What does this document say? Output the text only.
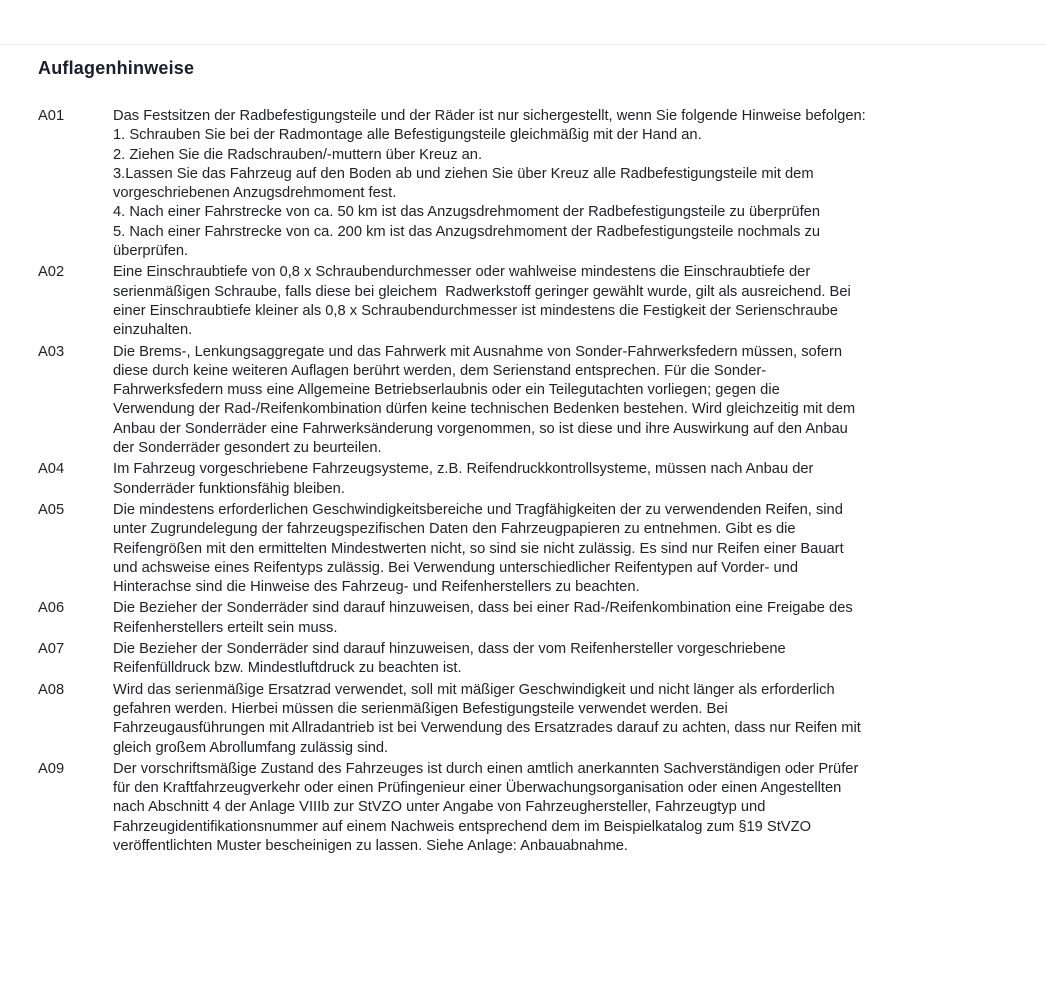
Auflagenhinweise
A01	Das Festsitzen der Radbefestigungsteile und der Räder ist nur sichergestellt, wenn Sie folgende Hinweise befolgen:
1. Schrauben Sie bei der Radmontage alle Befestigungsteile gleichmäßig mit der Hand an.
2. Ziehen Sie die Radschrauben/-muttern über Kreuz an.
3.Lassen Sie das Fahrzeug auf den Boden ab und ziehen Sie über Kreuz alle Radbefestigungsteile mit dem
vorgeschriebenen Anzugsdrehmoment fest.
4. Nach einer Fahrstrecke von ca. 50 km ist das Anzugsdrehmoment der Radbefestigungsteile zu überprüfen
5. Nach einer Fahrstrecke von ca. 200 km ist das Anzugsdrehmoment der Radbefestigungsteile nochmals zu
überprüfen.
A02	Eine Einschraubtiefe von 0,8 x Schraubendurchmesser oder wahlweise mindestens die Einschraubtiefe der
serienmäßigen Schraube, falls diese bei gleichem  Radwerkstoff geringer gewählt wurde, gilt als ausreichend. Bei
einer Einschraubtiefe kleiner als 0,8 x Schraubendurchmesser ist mindestens die Festigkeit der Serienschraube
einzuhalten.
A03	Die Brems-, Lenkungsaggregate und das Fahrwerk mit Ausnahme von Sonder-Fahrwerksfedern müssen, sofern
diese durch keine weiteren Auflagen berührt werden, dem Serienstand entsprechen. Für die Sonder-
Fahrwerksfedern muss eine Allgemeine Betriebserlaubnis oder ein Teilegutachten vorliegen; gegen die
Verwendung der Rad-/Reifenkombination dürfen keine technischen Bedenken bestehen. Wird gleichzeitig mit dem
Anbau der Sonderräder eine Fahrwerksänderung vorgenommen, so ist diese und ihre Auswirkung auf den Anbau
der Sonderräder gesondert zu beurteilen.
A04	Im Fahrzeug vorgeschriebene Fahrzeugsysteme, z.B. Reifendruckkontrollsysteme, müssen nach Anbau der
Sonderräder funktionsfähig bleiben.
A05	Die mindestens erforderlichen Geschwindigkeitsbereiche und Tragfähigkeiten der zu verwendenden Reifen, sind
unter Zugrundelegung der fahrzeugspezifischen Daten den Fahrzeugpapieren zu entnehmen. Gibt es die
Reifengrößen mit den ermittelten Mindestwerten nicht, so sind sie nicht zulässig. Es sind nur Reifen einer Bauart
und achsweise eines Reifentyps zulässig. Bei Verwendung unterschiedlicher Reifentypen auf Vorder- und
Hinterachse sind die Hinweise des Fahrzeug- und Reifenherstellers zu beachten.
A06	Die Bezieher der Sonderräder sind darauf hinzuweisen, dass bei einer Rad-/Reifenkombination eine Freigabe des
Reifenherstellers erteilt sein muss.
A07	Die Bezieher der Sonderräder sind darauf hinzuweisen, dass der vom Reifenhersteller vorgeschriebene
Reifenfülldruck bzw. Mindestluftdruck zu beachten ist.
A08	Wird das serienmäßige Ersatzrad verwendet, soll mit mäßiger Geschwindigkeit und nicht länger als erforderlich
gefahren werden. Hierbei müssen die serienmäßigen Befestigungsteile verwendet werden. Bei
Fahrzeugausführungen mit Allradantrieb ist bei Verwendung des Ersatzrades darauf zu achten, dass nur Reifen mit
gleich großem Abrollumfang zulässig sind.
A09	Der vorschriftsmäßige Zustand des Fahrzeuges ist durch einen amtlich anerkannten Sachverständigen oder Prüfer
für den Kraftfahrzeugverkehr oder einen Prüfingenieur einer Überwachungsorganisation oder einen Angestellten
nach Abschnitt 4 der Anlage VIIIb zur StVZO unter Angabe von Fahrzeughersteller, Fahrzeugtyp und
Fahrzeugidentifikationsnummer auf einem Nachweis entsprechend dem im Beispielkatalog zum §19 StVZO
veröffentlichten Muster bescheinigen zu lassen. Siehe Anlage: Anbauabnahme.
